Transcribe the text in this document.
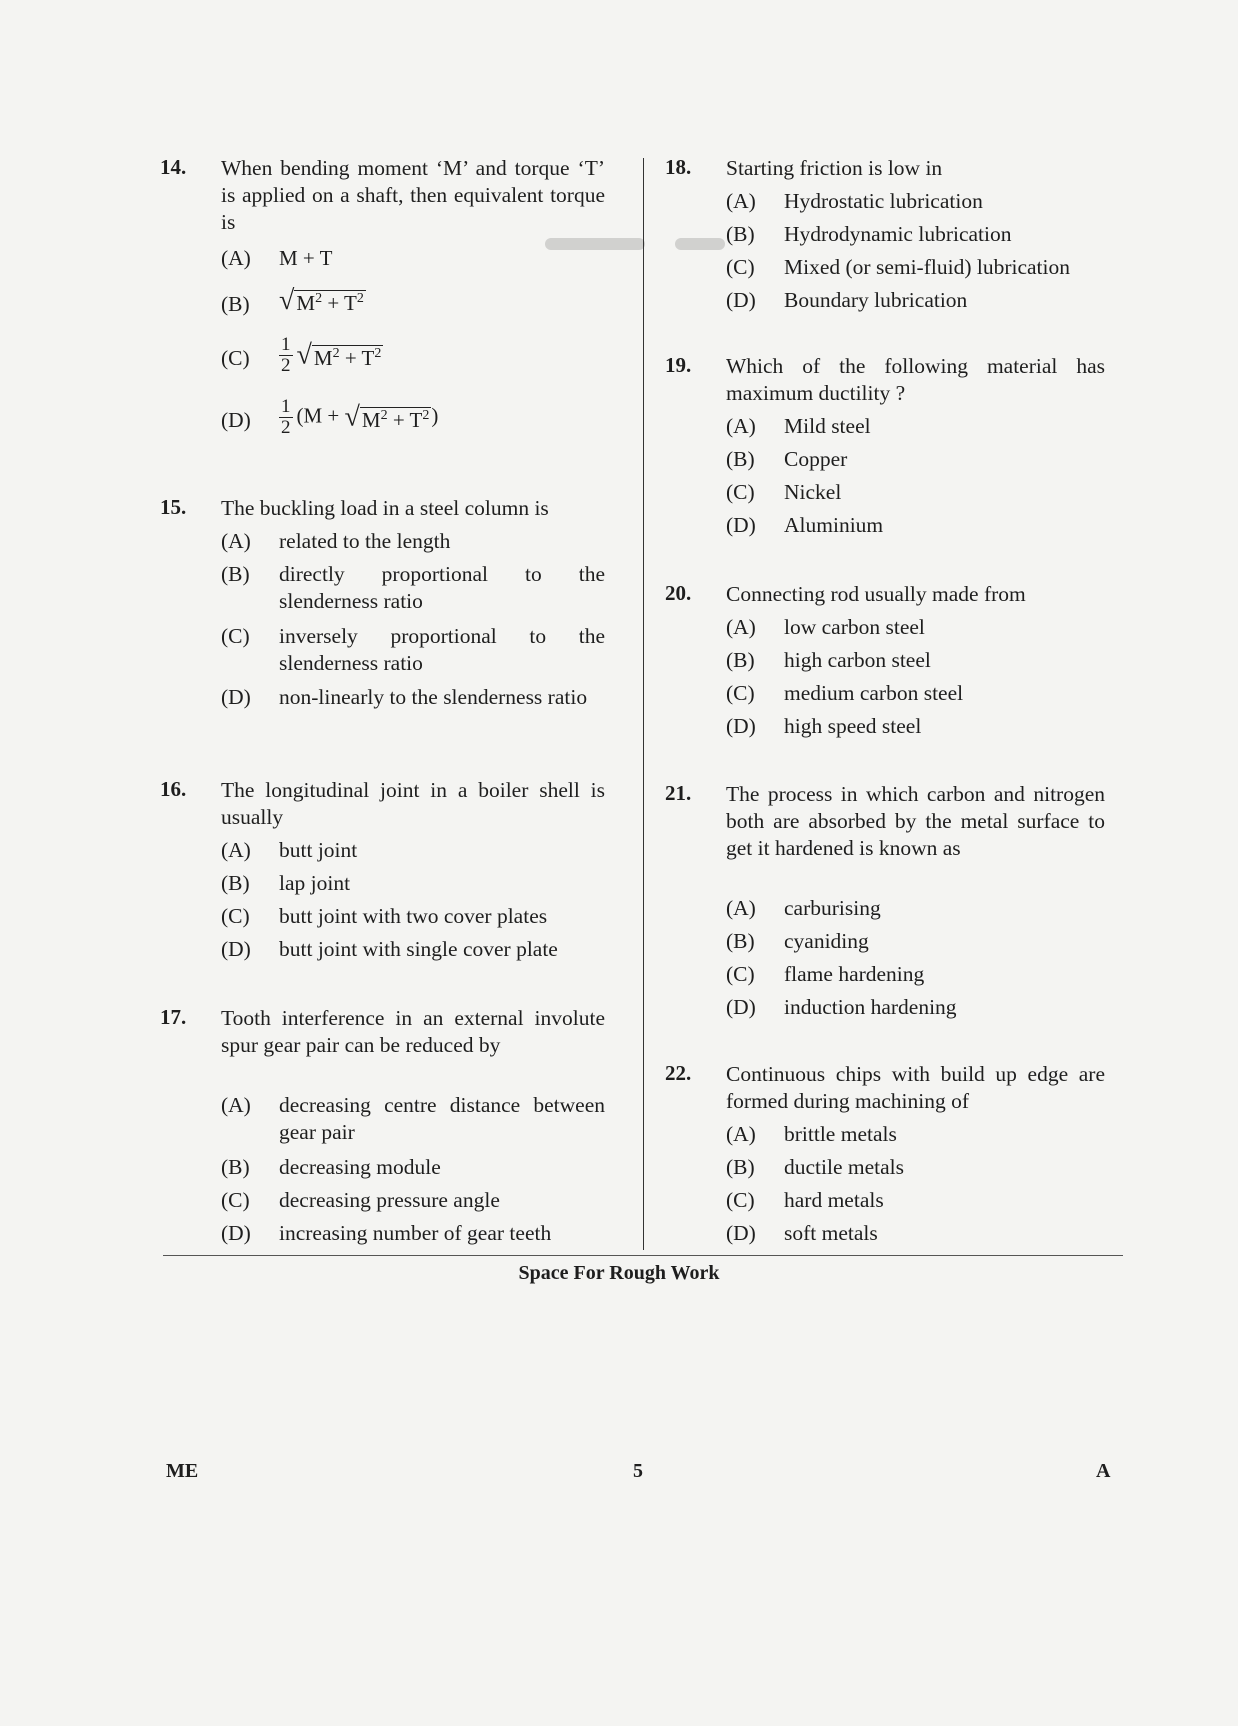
14. When bending moment ‘M’ and torque ‘T’ is applied on a shaft, then equivalent torque is
(A) M + T
(B) $√M^2 + T^2$
$(C) \frac{1}{2} √M^2 + T^2$
$(D) \frac{1}{2} (M + √M^2 + T^2)$
15. The buckling load in a steel column is
(A) related to the length
(B) directly proportional to the slenderness ratio
(C) inversely proportional to the slenderness ratio
(D) non-linearly to the slenderness ratio
16. The longitudinal joint in a boiler shell is usually
(A) butt joint
(B) lap joint
(C) butt joint with two cover plates
(D) butt joint with single cover plate
17. Tooth interference in an external involute spur gear pair can be reduced by
(A) decreasing centre distance between gear pair
(B) decreasing module
(C) decreasing pressure angle
(D) increasing number of gear teeth
18. Starting friction is low in
(A) Hydrostatic lubrication
(B) Hydrodynamic lubrication
(C) Mixed (or semi-fluid) lubrication
(D) Boundary lubrication
19. Which of the following material has maximum ductility ?
(A) Mild steel
(B) Copper
(C) Nickel
(D) Aluminium
20. Connecting rod usually made from
(A) low carbon steel
(B) high carbon steel
(C) medium carbon steel
(D) high speed steel
21. The process in which carbon and nitrogen both are absorbed by the metal surface to get it hardened is known as
(A) carburising
(B) cyaniding
(C) flame hardening
(D) induction hardening
22. Continuous chips with build up edge are formed during machining of
(A) brittle metals
(B) ductile metals
(C) hard metals
(D) soft metals
Space For Rough Work
ME	5	A
